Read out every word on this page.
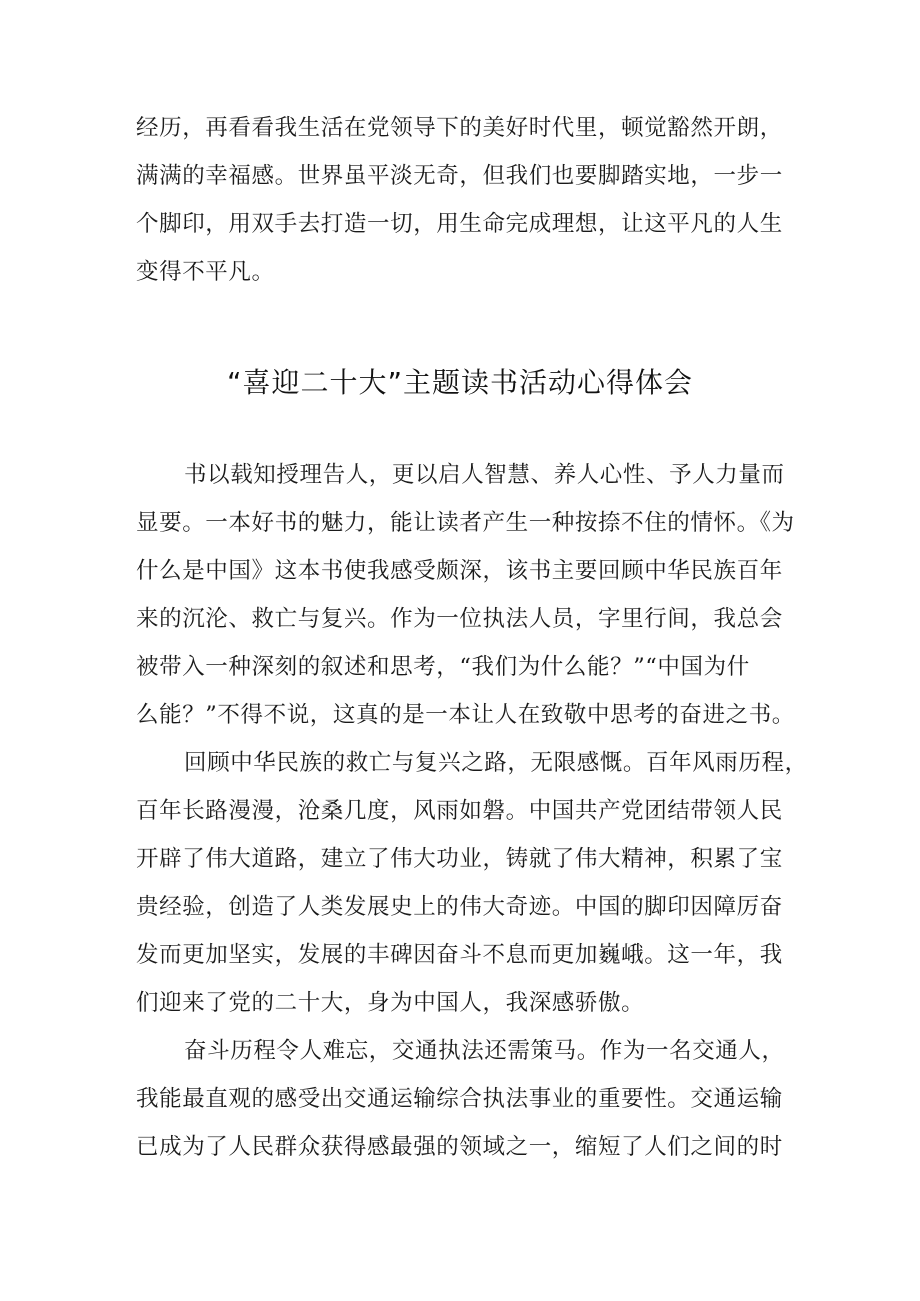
经历，再看看我生活在党领导下的美好时代里，顿觉豁然开朗，
满满的幸福感。世界虽平淡无奇，但我们也要脚踏实地，一步一
个脚印，用双手去打造一切，用生命完成理想，让这平凡的人生
变得不平凡。
“喜迎二十大”主题读书活动心得体会
书以载知授理告人，更以启人智慧、养人心性、予人力量而
显要。一本好书的魅力，能让读者产生一种按捺不住的情怀。《为
什么是中国》这本书使我感受颇深，该书主要回顾中华民族百年
来的沉沦、救亡与复兴。作为一位执法人员，字里行间，我总会
被带入一种深刻的叙述和思考，“我们为什么能？”“中国为什
么能？”不得不说，这真的是一本让人在致敬中思考的奋进之书。
回顾中华民族的救亡与复兴之路，无限感慨。百年风雨历程，
百年长路漫漫，沧桑几度，风雨如磐。中国共产党团结带领人民
开辟了伟大道路，建立了伟大功业，铸就了伟大精神，积累了宝
贵经验，创造了人类发展史上的伟大奇迹。中国的脚印因障厉奋
发而更加坚实，发展的丰碑因奋斗不息而更加巍峨。这一年，我
们迎来了党的二十大，身为中国人，我深感骄傲。
奋斗历程令人难忘，交通执法还需策马。作为一名交通人，
我能最直观的感受出交通运输综合执法事业的重要性。交通运输
已成为了人民群众获得感最强的领域之一，缩短了人们之间的时
